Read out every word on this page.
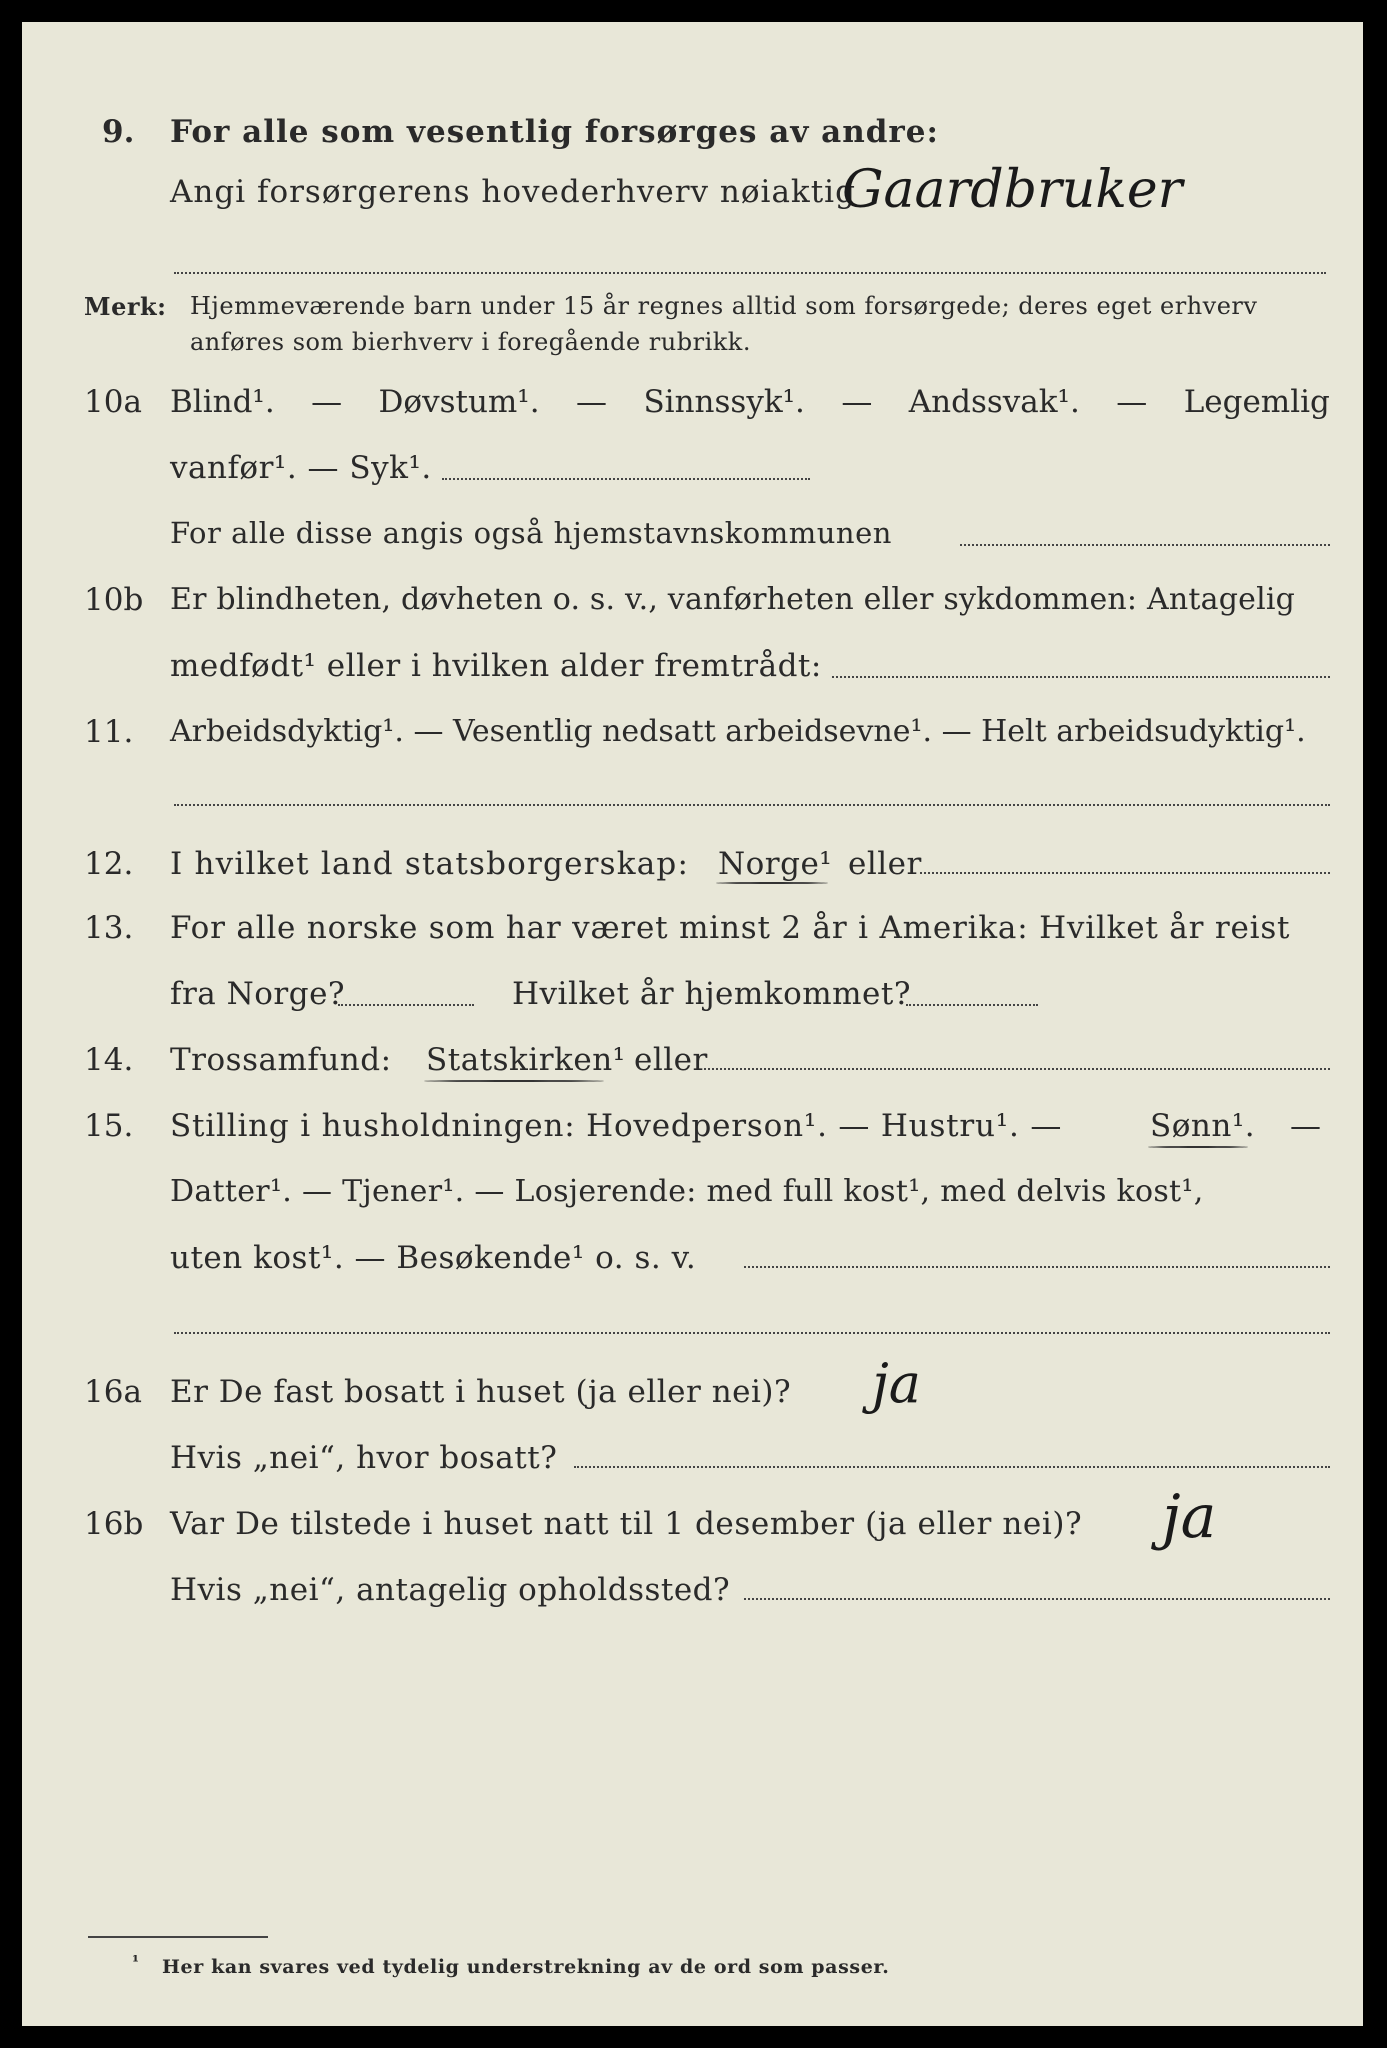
9. For alle som vesentlig forsørges av andre:
Angi forsørgerens hovederhverv nøiaktig
Gaardbruker
Merk: Hjemmeværende barn under 15 år regnes alltid som forsørgede; deres eget erhverv
anføres som bierhverv i foregående rubrikk.
10a Blind¹. — Døvstum¹. — Sinnssyk¹. — Andssvak¹. — Legemlig
vanfør¹. — Syk¹.
For alle disse angis også hjemstavnskommunen
10b Er blindheten, døvheten o. s. v., vanførheten eller sykdommen: Antagelig
medfødt¹ eller i hvilken alder fremtrådt:
11. Arbeidsdyktig¹. — Vesentlig nedsatt arbeidsevne¹. — Helt arbeidsudyktig¹.
12. I hvilket land statsborgerskap: Norge¹ eller
13. For alle norske som har været minst 2 år i Amerika: Hvilket år reist
fra Norge?	Hvilket år hjemkommet?
14. Trossamfund: Statskirken¹ eller
15. Stilling i husholdningen: Hovedperson¹. — Hustru¹. —	Sønn¹. —
Datter¹. — Tjener¹. — Losjerende: med full kost¹, med delvis kost¹,
uten kost¹. — Besøkende¹ o. s. v.
16a Er De fast bosatt i huset (ja eller nei)? ja
Hvis „nei“, hvor bosatt?
16b Var De tilstede i huset natt til 1 desember (ja eller nei)? ja
Hvis „nei“, antagelig opholdssted?
¹ Her kan svares ved tydelig understrekning av de ord som passer.
